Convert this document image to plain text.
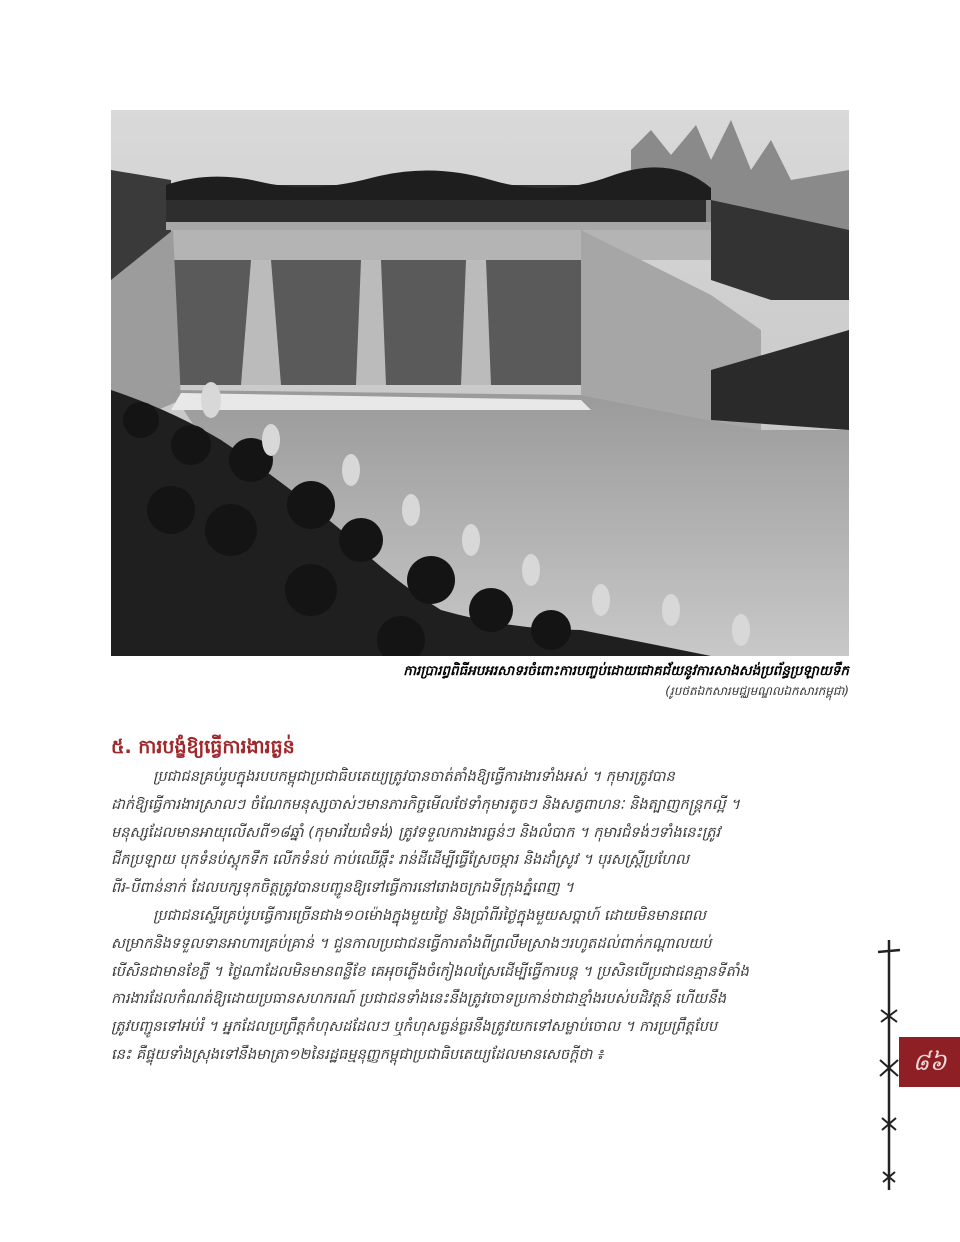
ការប្រារព្ធពិធីអបអរសាទរចំពោះការបញ្ចប់ដោយជោគជ័យនូវការសាងសង់ប្រព័ន្ធប្រឡាយទឹក
(រូបថតឯកសារមជ្ឈមណ្ឌលឯកសារកម្ពុជា)
៥. ការបង្ខំឱ្យធ្វើការងារធ្ងន់

ប្រជាជនគ្រប់រូបក្នុងរបបកម្ពុជាប្រជាធិបតេយ្យត្រូវបានចាត់តាំងឱ្យធ្វើការងារទាំងអស់ ។ កុមារត្រូវបាន
ដាក់ឱ្យធ្វើការងារស្រាលៗ ចំណែកមនុស្សចាស់ៗមានភារកិច្ចមើលថែទាំកុមារតូចៗ និងសត្វពាហនៈ និងត្បាញកន្ត្រកល្អី ។
មនុស្សដែលមានអាយុលើសពី១៨ឆ្នាំ (កុមារវ័យជំទង់) ត្រូវទទួលការងារធ្ងន់ៗ និងលំបាក ។ កុមារជំទង់ៗទាំងនេះត្រូវ
ជីកប្រឡាយ បុកទំនប់ស្តុកទឹក លើកទំនប់ កាប់ឈើឆ្កឹះ រាន់ដីដើម្បីធ្វើស្រែចម្ការ និងដាំស្រូវ ។ បុរសស្ត្រីប្រហែល
ពីរ-បីពាន់នាក់ ដែលបក្សទុកចិត្តត្រូវបានបញ្ជូនឱ្យទៅធ្វើការនៅរោងចក្រឯទីក្រុងភ្នំពេញ ។

ប្រជាជនស្ទើរគ្រប់រូបធ្វើការច្រើនជាង១០ម៉ោងក្នុងមួយថ្ងៃ និងប្រាំពីរថ្ងៃក្នុងមួយសប្តាហ៍ ដោយមិនមានពេល
សម្រាកនិងទទួលទានអាហារគ្រប់គ្រាន់ ។ ជួនកាលប្រជាជនធ្វើការតាំងពីព្រលឹមស្រាងៗរហូតដល់ពាក់កណ្តាលយប់
បើសិនជាមានខែភ្លឺ ។ ថ្ងៃណាដែលមិនមានពន្លឺខែ គេអុចភ្លើងចំកៀងលស្រែដើម្បីធ្វើការបន្ត ។ ប្រសិនបើប្រជាជនគ្មានទីតាំង
ការងារដែលកំណត់ឱ្យដោយប្រធានសហករណ៍ ប្រជាជនទាំងនេះនឹងត្រូវចោទប្រកាន់ថាជាខ្មាំងរបស់បដិវត្តន៍ ហើយនឹង
ត្រូវបញ្ជូនទៅអប់រំ ។ អ្នកដែលប្រព្រឹត្តកំហុសដដែលៗ ឬកំហុសធ្ងន់ធ្ងរនឹងត្រូវយកទៅសម្លាប់ចោល ។ ការប្រព្រឹត្តបែប
នេះ គឺផ្ទុយទាំងស្រុងទៅនឹងមាត្រា១២នៃរដ្ឋធម្មនុញ្ញកម្ពុជាប្រជាធិបតេយ្យដែលមានសេចក្តីថា ៖	៨៦
